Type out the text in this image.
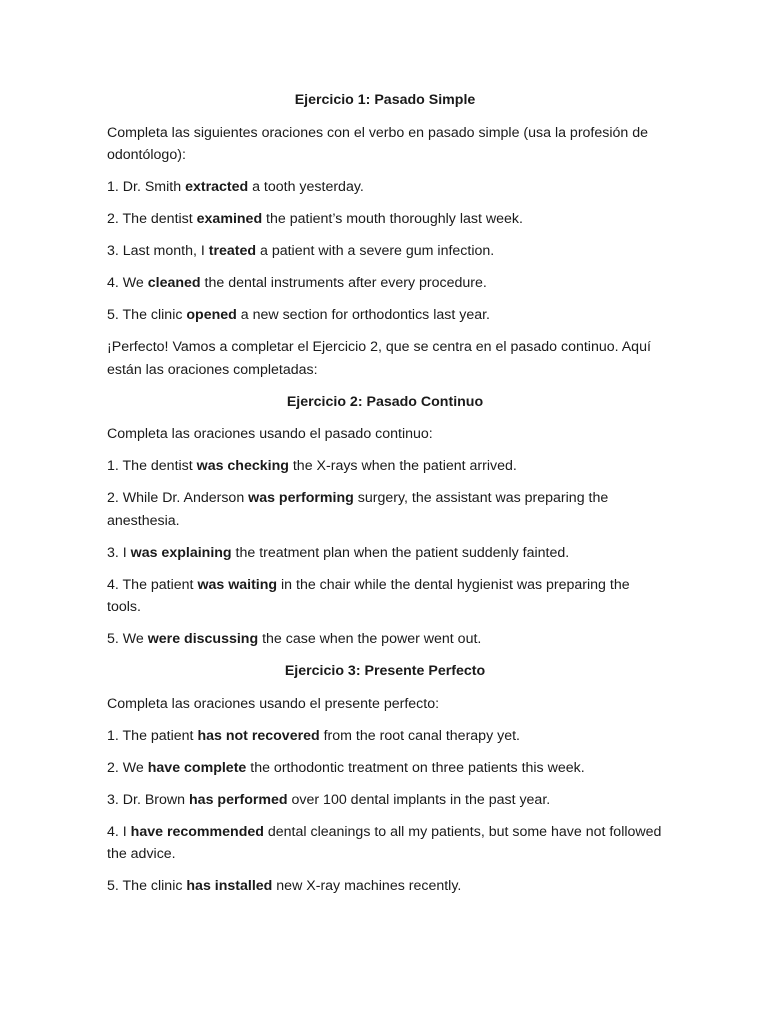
Ejercicio 1: Pasado Simple
Completa las siguientes oraciones con el verbo en pasado simple (usa la profesión de odontólogo):
1. Dr. Smith extracted a tooth yesterday.
2. The dentist examined the patient’s mouth thoroughly last week.
3. Last month, I treated a patient with a severe gum infection.
4. We cleaned the dental instruments after every procedure.
5. The clinic opened a new section for orthodontics last year.
¡Perfecto! Vamos a completar el Ejercicio 2, que se centra en el pasado continuo. Aquí están las oraciones completadas:
Ejercicio 2: Pasado Continuo
Completa las oraciones usando el pasado continuo:
1. The dentist was checking the X-rays when the patient arrived.
2. While Dr. Anderson was performing surgery, the assistant was preparing the anesthesia.
3. I was explaining the treatment plan when the patient suddenly fainted.
4. The patient was waiting in the chair while the dental hygienist was preparing the tools.
5. We were discussing the case when the power went out.
Ejercicio 3: Presente Perfecto
Completa las oraciones usando el presente perfecto:
1. The patient has not recovered from the root canal therapy yet.
2. We have complete the orthodontic treatment on three patients this week.
3. Dr. Brown has performed over 100 dental implants in the past year.
4. I have recommended dental cleanings to all my patients, but some have not followed the advice.
5. The clinic has installed new X-ray machines recently.
